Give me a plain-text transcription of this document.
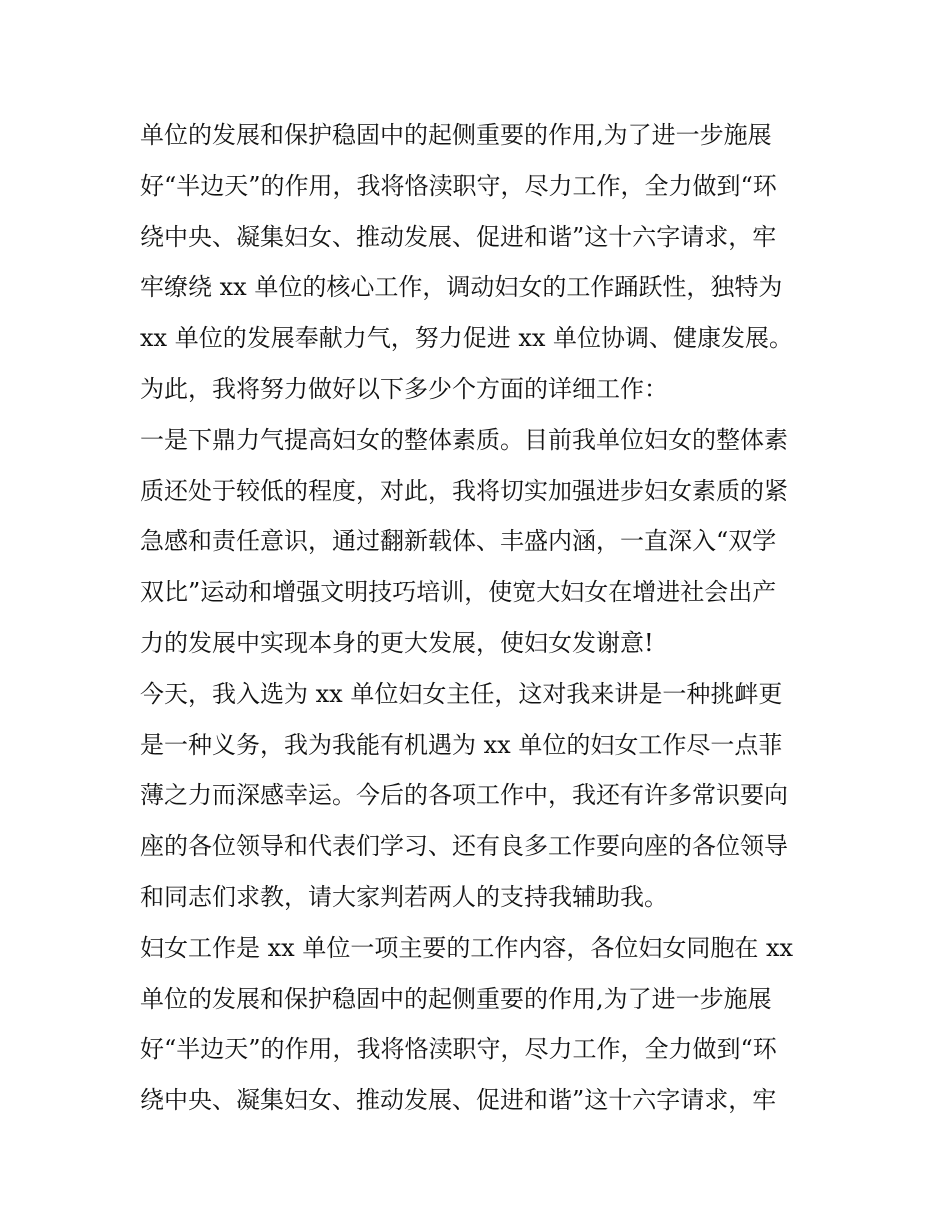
单位的发展和保护稳固中的起侧重要的作用,为了进一步施展
好“半边天”的作用，我将恪渎职守，尽力工作，全力做到“环
绕中央、凝集妇女、推动发展、促进和谐”这十六字请求，牢
牢缭绕 xx 单位的核心工作，调动妇女的工作踊跃性，独特为
xx 单位的发展奉献力气，努力促进 xx 单位协调、健康发展。
为此，我将努力做好以下多少个方面的详细工作：
一是下鼎力气提高妇女的整体素质。目前我单位妇女的整体素
质还处于较低的程度，对此，我将切实加强进步妇女素质的紧
急感和责任意识，通过翻新载体、丰盛内涵，一直深入“双学
双比”运动和增强文明技巧培训，使宽大妇女在增进社会出产
力的发展中实现本身的更大发展，使妇女发谢意!
今天，我入选为 xx 单位妇女主任，这对我来讲是一种挑衅更
是一种义务，我为我能有机遇为 xx 单位的妇女工作尽一点菲
薄之力而深感幸运。今后的各项工作中，我还有许多常识要向
座的各位领导和代表们学习、还有良多工作要向座的各位领导
和同志们求教，请大家判若两人的支持我辅助我。
妇女工作是 xx 单位一项主要的工作内容，各位妇女同胞在 xx
单位的发展和保护稳固中的起侧重要的作用,为了进一步施展
好“半边天”的作用，我将恪渎职守，尽力工作，全力做到“环
绕中央、凝集妇女、推动发展、促进和谐”这十六字请求，牢
